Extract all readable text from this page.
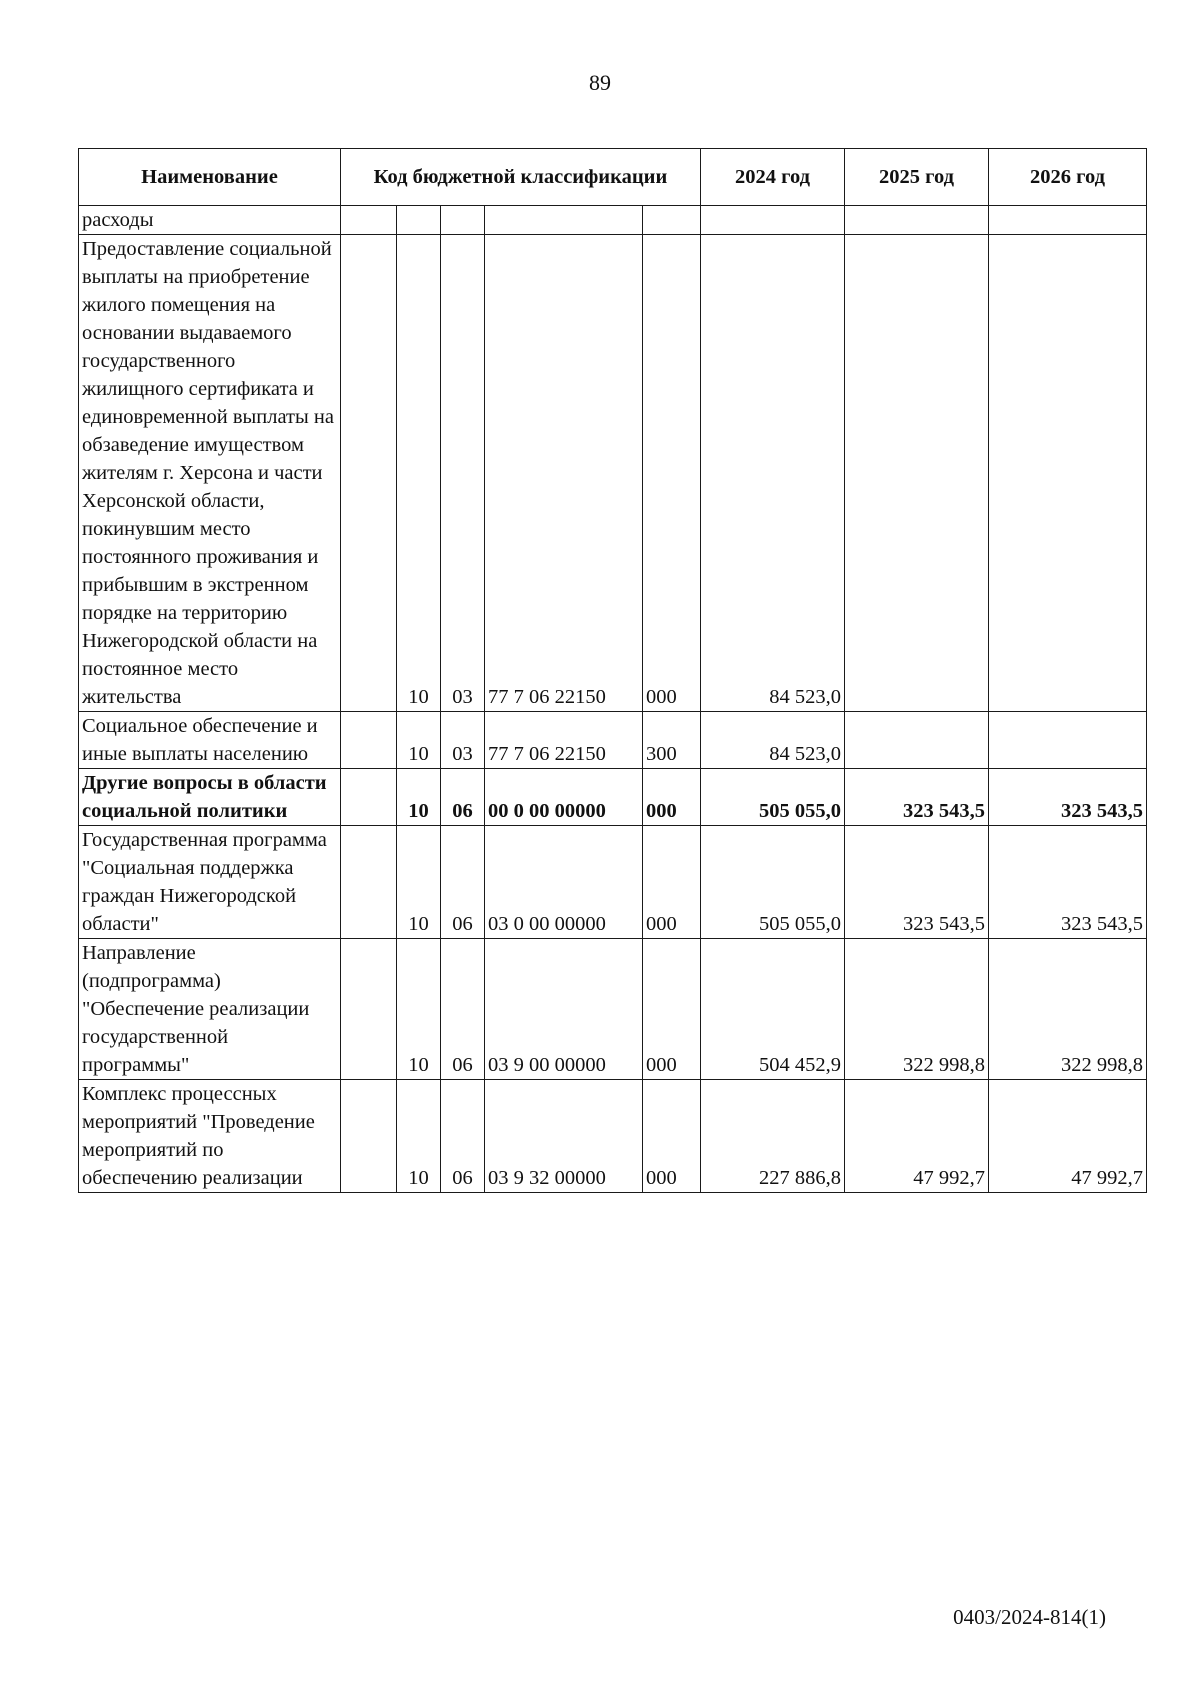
89
Наименование	Код бюджетной классификации					2024 год	2025 год	2026 год
расходы								
Предоставление социальной выплаты на приобретение жилого помещения на основании выдаваемого государственного жилищного сертификата и единовременной выплаты на обзаведение имуществом жителям г. Херсона и части Херсонской области, покинувшим место постоянного проживания и прибывшим в экстренном порядке на территорию Нижегородской области на постоянное место жительства		10	03	77 7 06 22150	000	84 523,0		
Социальное обеспечение и иные выплаты населению		10	03	77 7 06 22150	300	84 523,0		
Другие вопросы в области социальной политики		10	06	00 0 00 00000	000	505 055,0	323 543,5	323 543,5
Государственная программа "Социальная поддержка граждан Нижегородской области"		10	06	03 0 00 00000	000	505 055,0	323 543,5	323 543,5
Направление (подпрограмма) "Обеспечение реализации государственной программы"		10	06	03 9 00 00000	000	504 452,9	322 998,8	322 998,8
Комплекс процессных мероприятий "Проведение мероприятий по обеспечению реализации		10	06	03 9 32 00000	000	227 886,8	47 992,7	47 992,7
0403/2024-814(1)
